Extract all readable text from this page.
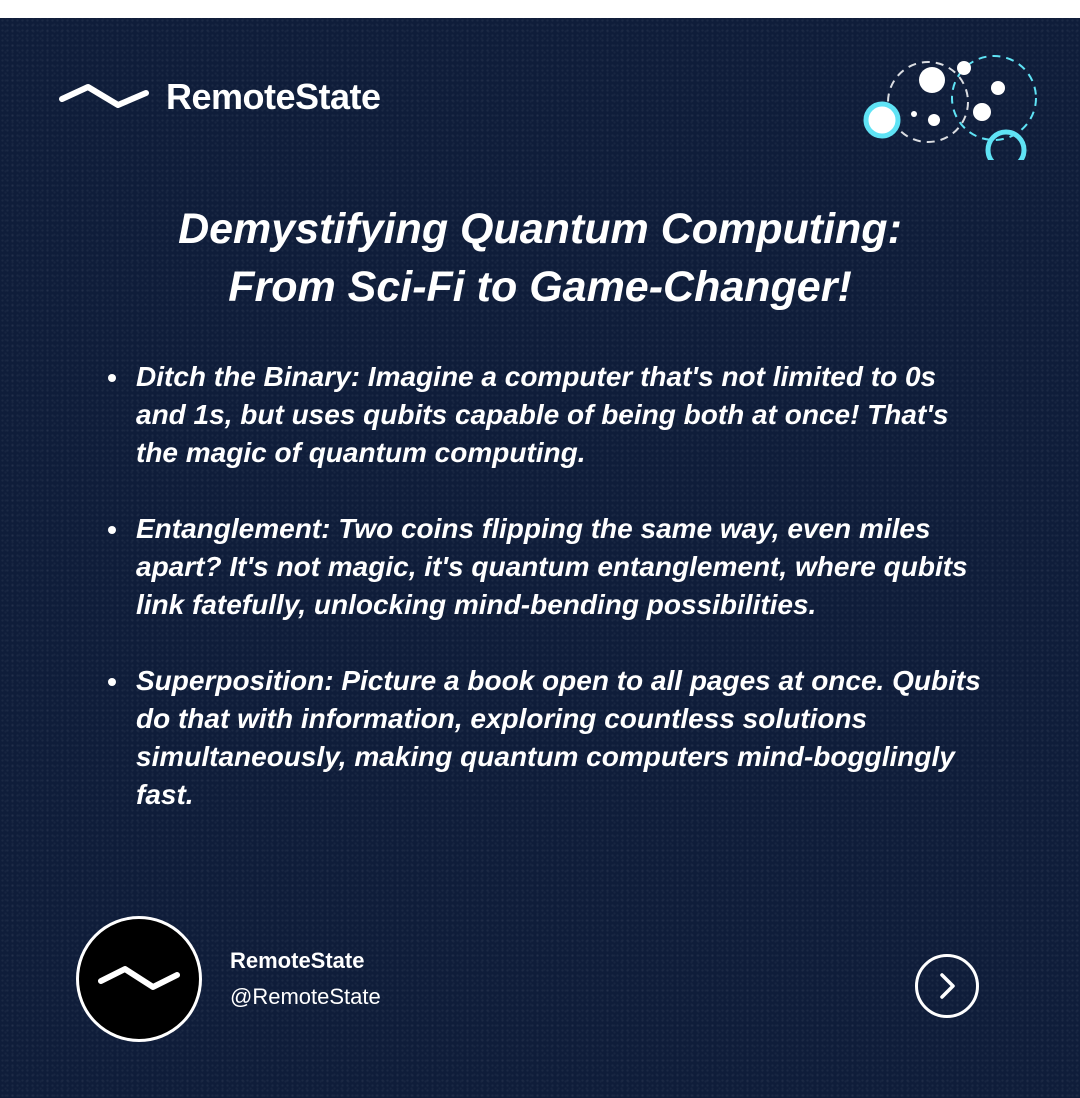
RemoteState
Demystifying Quantum Computing:
From Sci-Fi to Game-Changer!
Ditch the Binary: Imagine a computer that's not limited to 0s and 1s, but uses qubits capable of being both at once! That's the magic of quantum computing.
Entanglement: Two coins flipping the same way, even miles apart? It's not magic, it's quantum entanglement, where qubits link fatefully, unlocking mind-bending possibilities.
Superposition: Picture a book open to all pages at once. Qubits do that with information, exploring countless solutions simultaneously, making quantum computers mind-bogglingly fast.
RemoteState
@RemoteState
